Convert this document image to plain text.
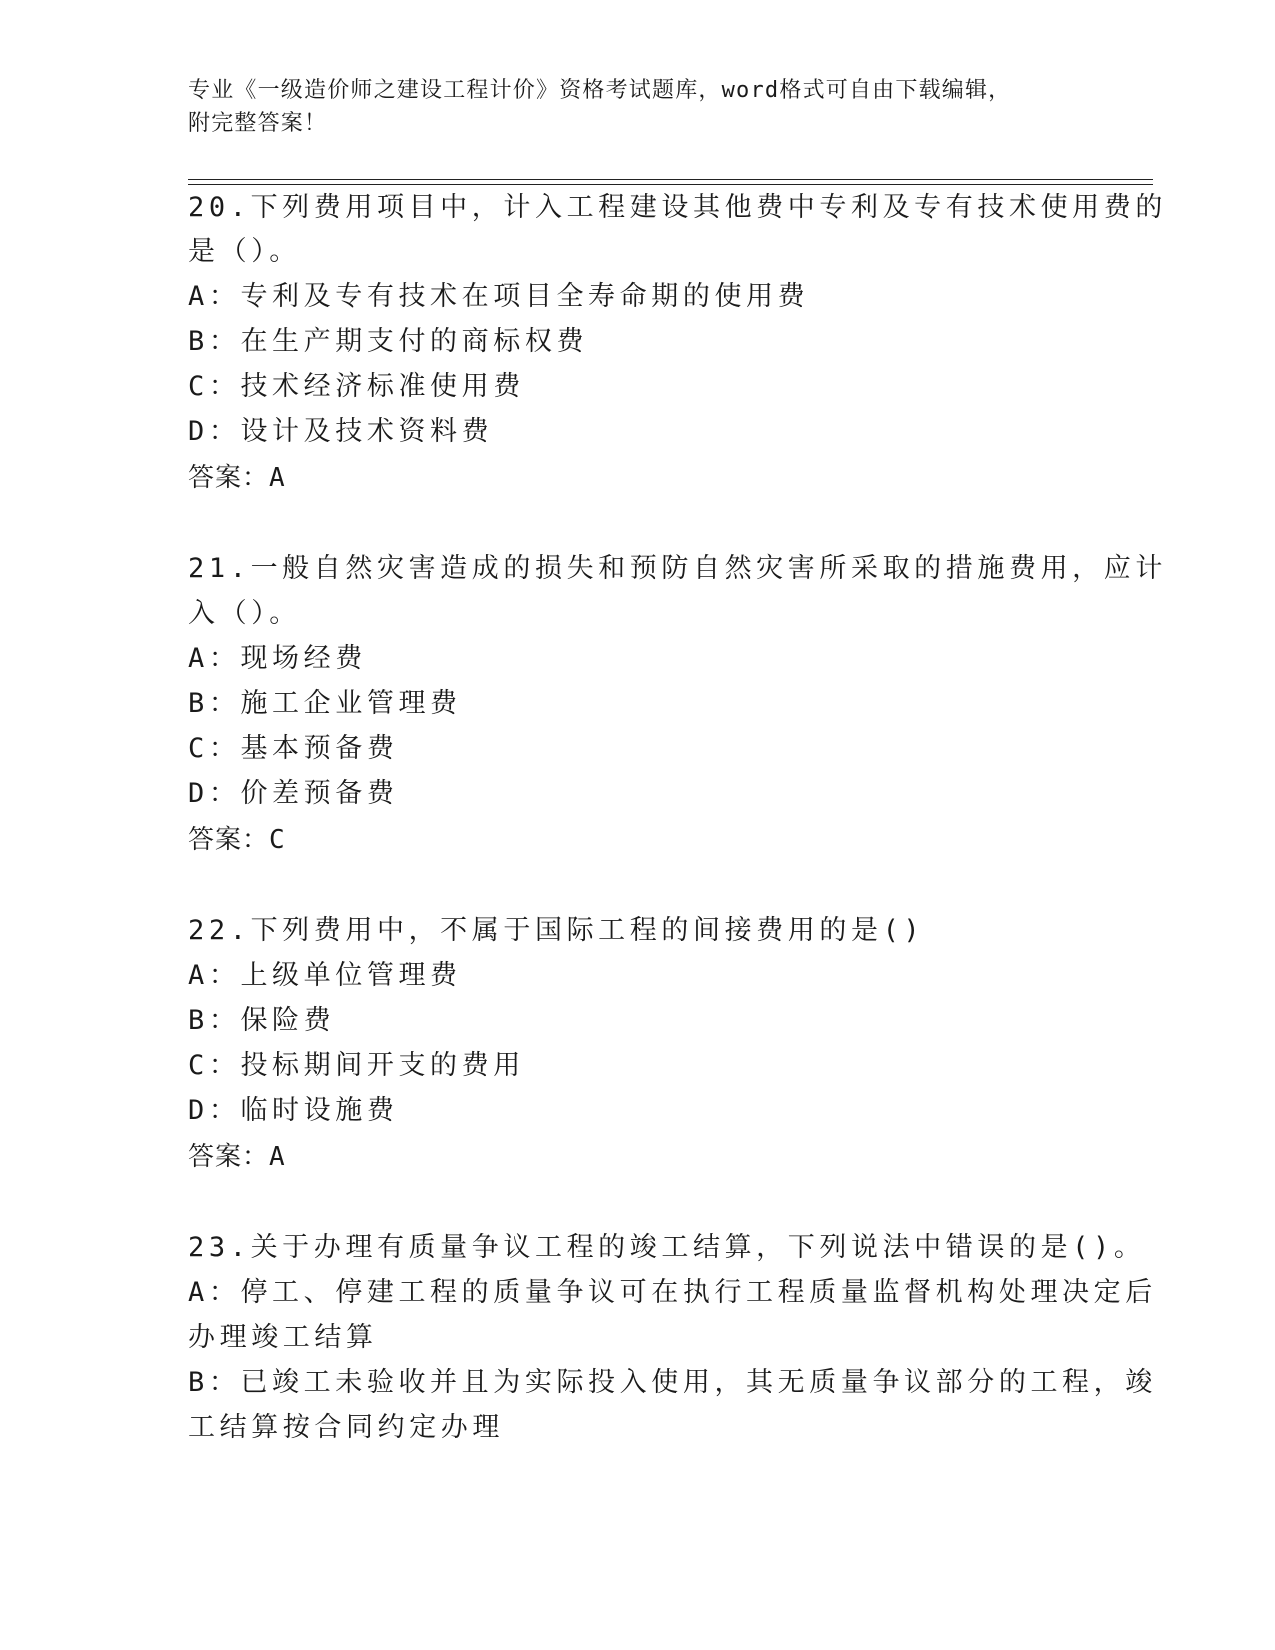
专业《一级造价师之建设工程计价》资格考试题库，word格式可自由下载编辑，
附完整答案！
20.下列费用项目中，计入工程建设其他费中专利及专有技术使用费的
是（）。
A：专利及专有技术在项目全寿命期的使用费
B：在生产期支付的商标权费
C：技术经济标准使用费
D：设计及技术资料费
答案：A
21.一般自然灾害造成的损失和预防自然灾害所采取的措施费用，应计
入（）。
A：现场经费
B：施工企业管理费
C：基本预备费
D：价差预备费
答案：C
22.下列费用中，不属于国际工程的间接费用的是()
A：上级单位管理费
B：保险费
C：投标期间开支的费用
D：临时设施费
答案：A
23.关于办理有质量争议工程的竣工结算，下列说法中错误的是()。
A：停工、停建工程的质量争议可在执行工程质量监督机构处理决定后
办理竣工结算
B：已竣工未验收并且为实际投入使用，其无质量争议部分的工程，竣
工结算按合同约定办理
